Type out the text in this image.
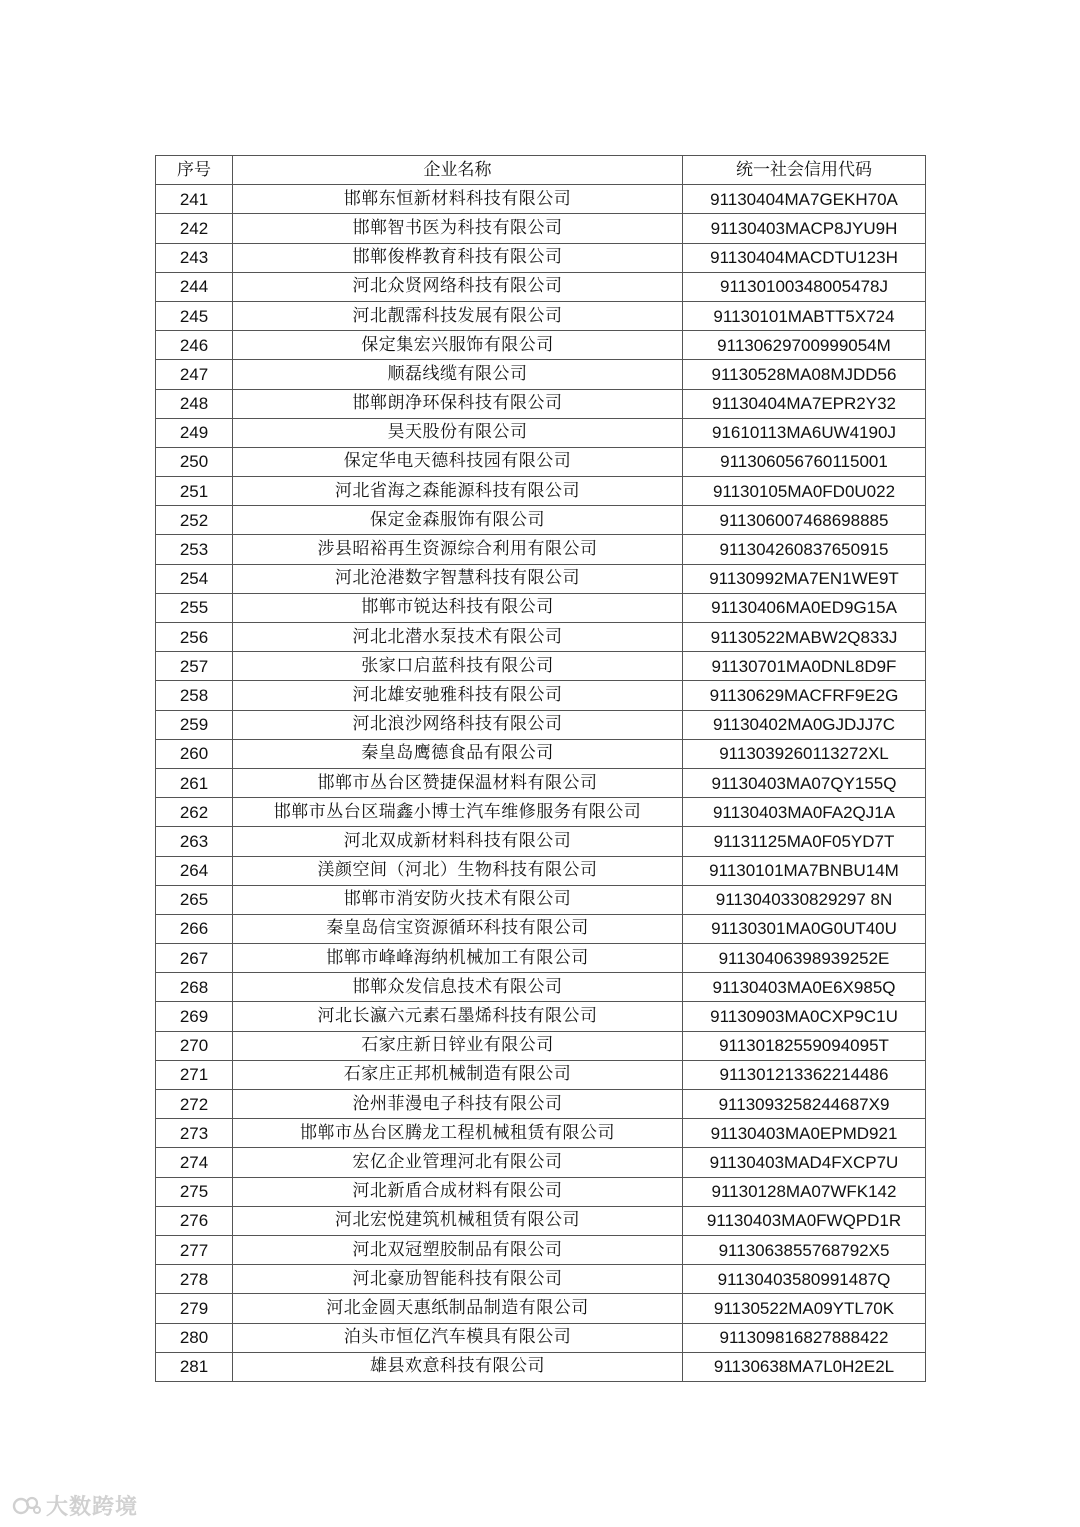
序号	企业名称	统一社会信用代码
241	邯郸东恒新材料科技有限公司	91130404MA7GEKH70A
242	邯郸智书医为科技有限公司	91130403MACP8JYU9H
243	邯郸俊桦教育科技有限公司	91130404MACDTU123H
244	河北众贤网络科技有限公司	91130100348005478J
245	河北靓霈科技发展有限公司	91130101MABTT5X724
246	保定集宏兴服饰有限公司	91130629700999054M
247	顺磊线缆有限公司	91130528MA08MJDD56
248	邯郸朗净环保科技有限公司	91130404MA7EPR2Y32
249	昊天股份有限公司	91610113MA6UW4190J
250	保定华电天德科技园有限公司	911306056760115001
251	河北省海之森能源科技有限公司	91130105MA0FD0U022
252	保定金森服饰有限公司	911306007468698885
253	涉县昭裕再生资源综合利用有限公司	911304260837650915
254	河北沧港数字智慧科技有限公司	91130992MA7EN1WE9T
255	邯郸市锐达科技有限公司	91130406MA0ED9G15A
256	河北北潜水泵技术有限公司	91130522MABW2Q833J
257	张家口启蓝科技有限公司	91130701MA0DNL8D9F
258	河北雄安驰雅科技有限公司	91130629MACFRF9E2G
259	河北浪沙网络科技有限公司	91130402MA0GJDJJ7C
260	秦皇岛鹰德食品有限公司	9113039260113272XL
261	邯郸市丛台区赞捷保温材料有限公司	91130403MA07QY155Q
262	邯郸市丛台区瑞鑫小博士汽车维修服务有限公司	91130403MA0FA2QJ1A
263	河北双成新材料科技有限公司	91131125MA0F05YD7T
264	渼颜空间（河北）生物科技有限公司	91130101MA7BNBU14M
265	邯郸市消安防火技术有限公司	9113040330829297 8N
266	秦皇岛信宝资源循环科技有限公司	91130301MA0G0UT40U
267	邯郸市峰峰海纳机械加工有限公司	91130406398939252E
268	邯郸众发信息技术有限公司	91130403MA0E6X985Q
269	河北长瀛六元素石墨烯科技有限公司	91130903MA0CXP9C1U
270	石家庄新日锌业有限公司	91130182559094095T
271	石家庄正邦机械制造有限公司	911301213362214486
272	沧州菲漫电子科技有限公司	9113093258244687X9
273	邯郸市丛台区腾龙工程机械租赁有限公司	91130403MA0EPMD921
274	宏亿企业管理河北有限公司	91130403MAD4FXCP7U
275	河北新盾合成材料有限公司	91130128MA07WFK142
276	河北宏悦建筑机械租赁有限公司	91130403MA0FWQPD1R
277	河北双冠塑胶制品有限公司	9113063855768792X5
278	河北豪劢智能科技有限公司	91130403580991487Q
279	河北金圆天惠纸制品制造有限公司	91130522MA09YTL70K
280	泊头市恒亿汽车模具有限公司	911309816827888422
281	雄县欢意科技有限公司	91130638MA7L0H2E2L
大数跨境
